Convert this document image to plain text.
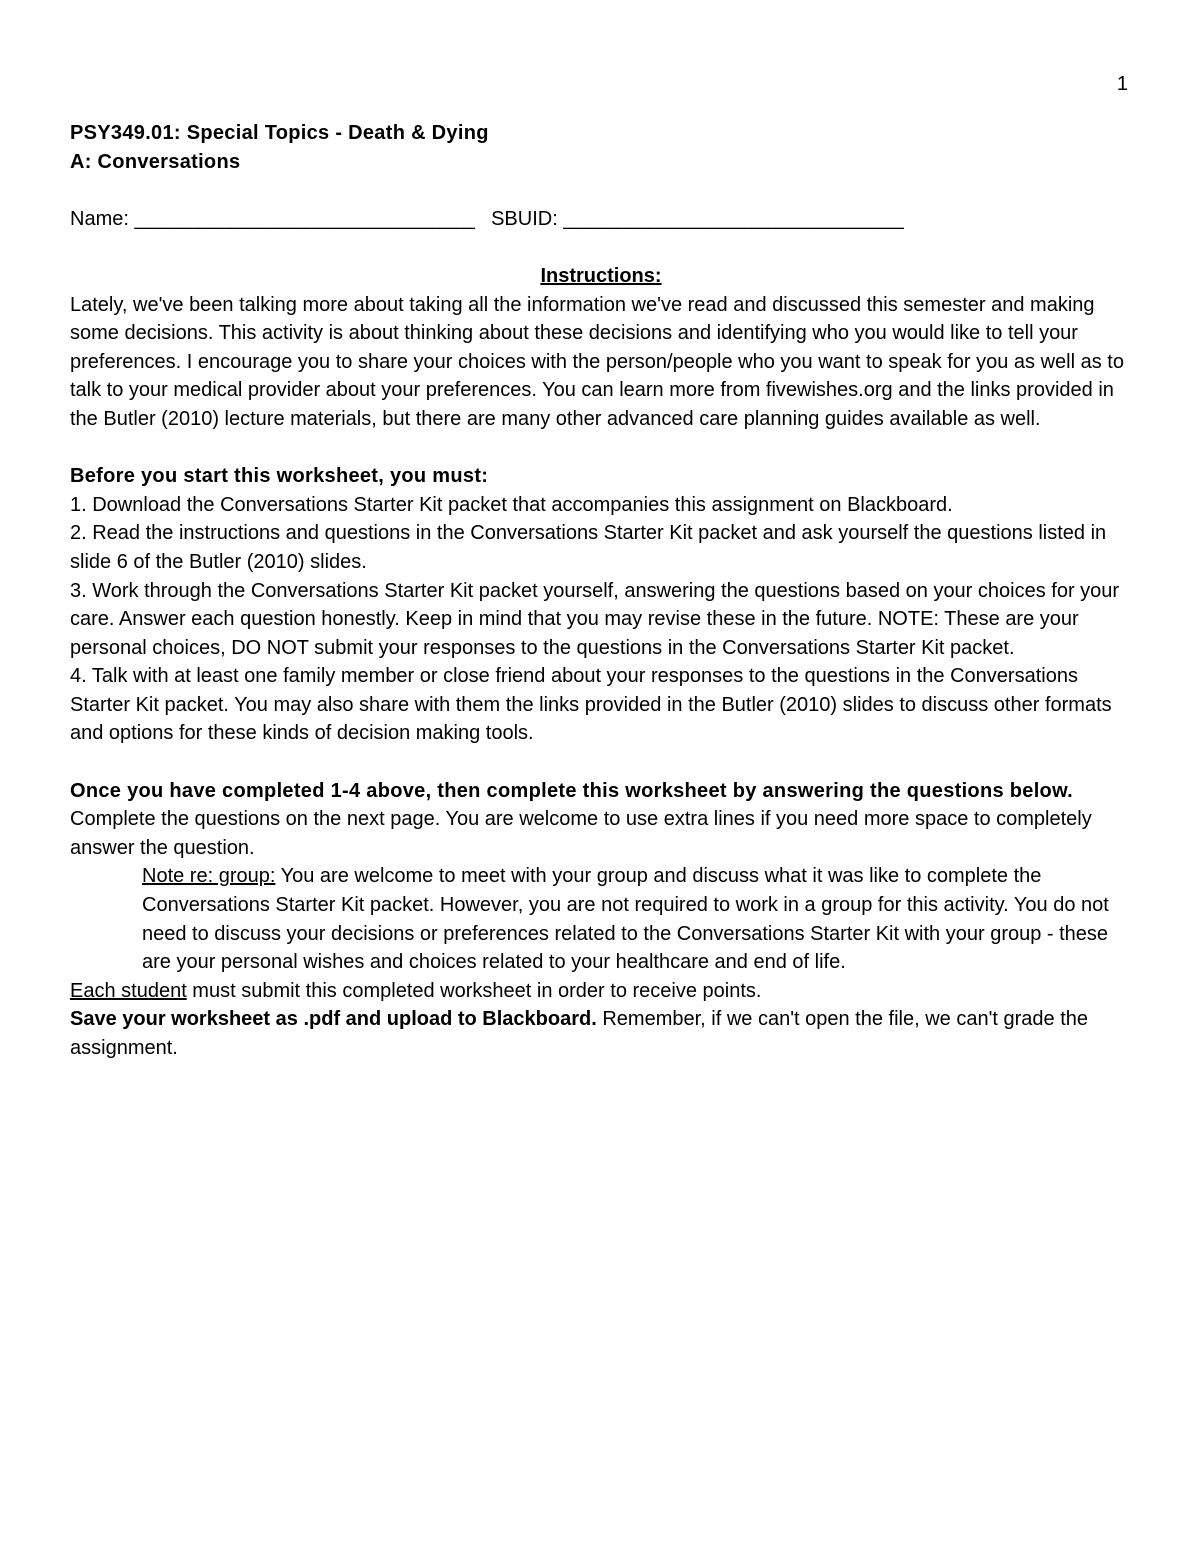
1

PSY349.01: Special Topics - Death & Dying

A: Conversations

Name: ________________________________ SBUID: ________________________________

Instructions:

Lately, we've been talking more about taking all the information we've read and discussed this semester and making some decisions. This activity is about thinking about these decisions and identifying who you would like to tell your preferences. I encourage you to share your choices with the person/people who you want to speak for you as well as to talk to your medical provider about your preferences. You can learn more from fivewishes.org and the links provided in the Butler (2010) lecture materials, but there are many other advanced care planning guides available as well.

Before you start this worksheet, you must:

1. Download the Conversations Starter Kit packet that accompanies this assignment on Blackboard.

2. Read the instructions and questions in the Conversations Starter Kit packet and ask yourself the questions listed in slide 6 of the Butler (2010) slides.

3. Work through the Conversations Starter Kit packet yourself, answering the questions based on your choices for your care. Answer each question honestly. Keep in mind that you may revise these in the future. NOTE: These are your personal choices, DO NOT submit your responses to the questions in the Conversations Starter Kit packet.

4. Talk with at least one family member or close friend about your responses to the questions in the Conversations Starter Kit packet. You may also share with them the links provided in the Butler (2010) slides to discuss other formats and options for these kinds of decision making tools.

Once you have completed 1-4 above, then complete this worksheet by answering the questions below.

Complete the questions on the next page. You are welcome to use extra lines if you need more space to completely answer the question.

Note re: group: You are welcome to meet with your group and discuss what it was like to complete the Conversations Starter Kit packet. However, you are not required to work in a group for this activity. You do not need to discuss your decisions or preferences related to the Conversations Starter Kit with your group - these are your personal wishes and choices related to your healthcare and end of life.

Each student must submit this completed worksheet in order to receive points.

Save your worksheet as .pdf and upload to Blackboard. Remember, if we can't open the file, we can't grade the assignment.
